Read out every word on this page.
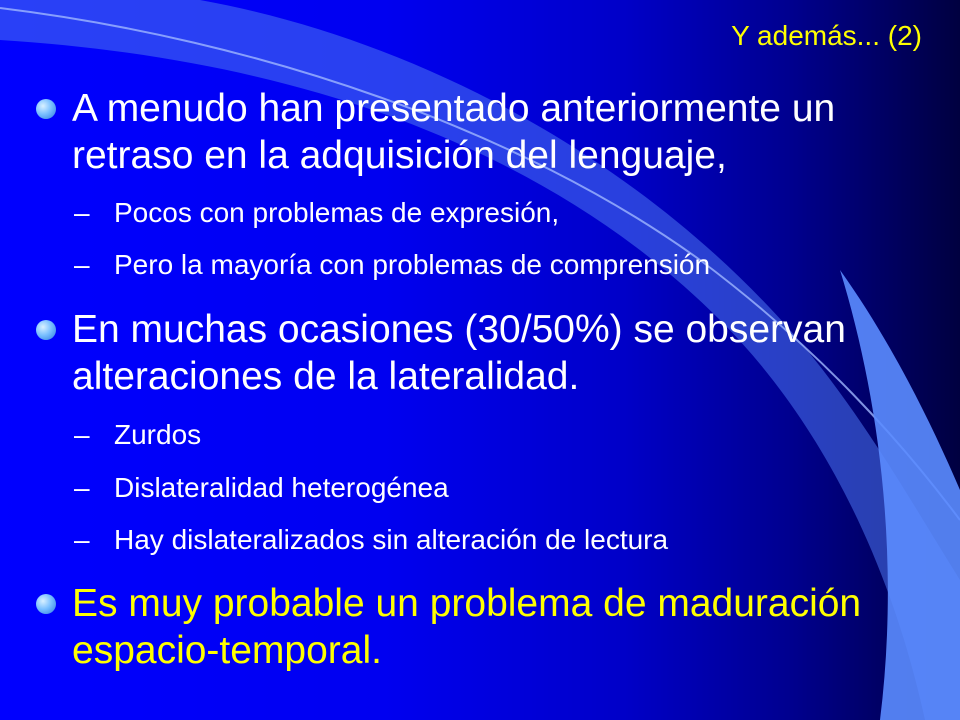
Y además... (2)
A menudo han presentado anteriormente un retraso en la adquisición del lenguaje,
– Pocos con problemas de expresión,
– Pero la mayoría con problemas de comprensión
En muchas ocasiones (30/50%) se observan alteraciones de la lateralidad.
– Zurdos
– Dislateralidad heterogénea
– Hay dislateralizados sin alteración de lectura
Es muy probable un problema de maduración espacio-temporal.
